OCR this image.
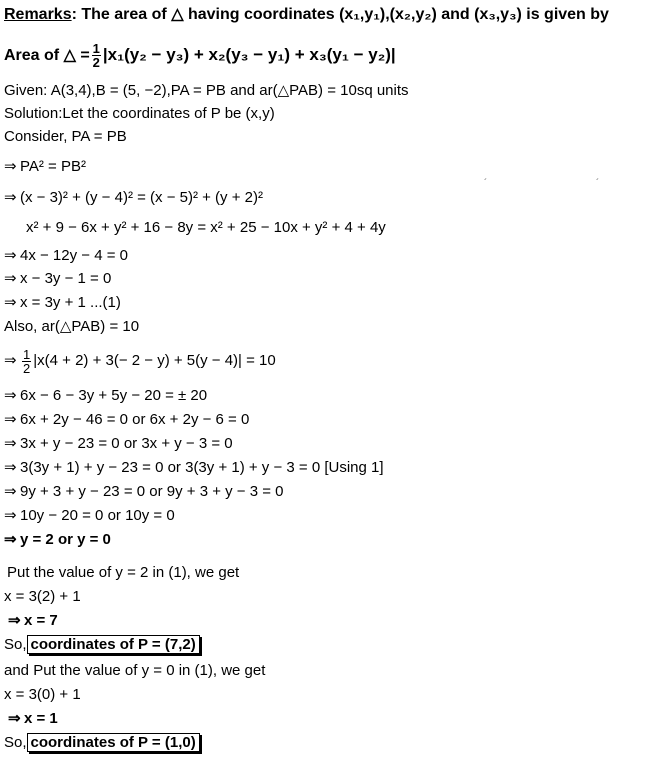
Remarks: The area of △ having coordinates (x₁,y₁),(x₂,y₂) and (x₃,y₃) is given by
Area of △ = $\frac{1}{2} |x_1(y_2 - y_3) + x_2(y_3 - y_1) + x_3(y_1 - y_2)|$
Given: A(3,4),B = (5, −2),PA = PB and ar(△PAB) = 10sq units
Solution:Let the coordinates of P be (x,y)
Consider, PA = PB
⇒ PA² = PB²
⇒ (x − 3)² + (y − 4)² = (x − 5)² + (y + 2)²
´	´
x² + 9 − 6x + y² + 16 − 8y = x² + 25 − 10x + y² + 4 + 4y
⇒ 4x − 12y − 4 = 0
⇒ x − 3y − 1 = 0
⇒ x = 3y + 1 ...(1)
Also, ar(△PAB) = 10
⇒ $\frac{1}{2} |x(4 + 2) + 3(- 2 - y) + 5(y - 4)| = 10$
⇒ 6x − 6 − 3y + 5y − 20 = ± 20
⇒ 6x + 2y − 46 = 0 or 6x + 2y − 6 = 0
⇒ 3x + y − 23 = 0 or 3x + y − 3 = 0
⇒ 3(3y + 1) + y − 23 = 0 or 3(3y + 1) + y − 3 = 0 [Using 1]
⇒ 9y + 3 + y − 23 = 0 or 9y + 3 + y − 3 = 0
⇒ 10y − 20 = 0 or 10y = 0
⇒ y = 2 or y = 0
Put the value of y = 2 in (1), we get
x = 3(2) + 1
⇒ x = 7
So, coordinates of P = (7,2)
and Put the value of y = 0 in (1), we get
x = 3(0) + 1
⇒ x = 1
So, coordinates of P = (1,0)
